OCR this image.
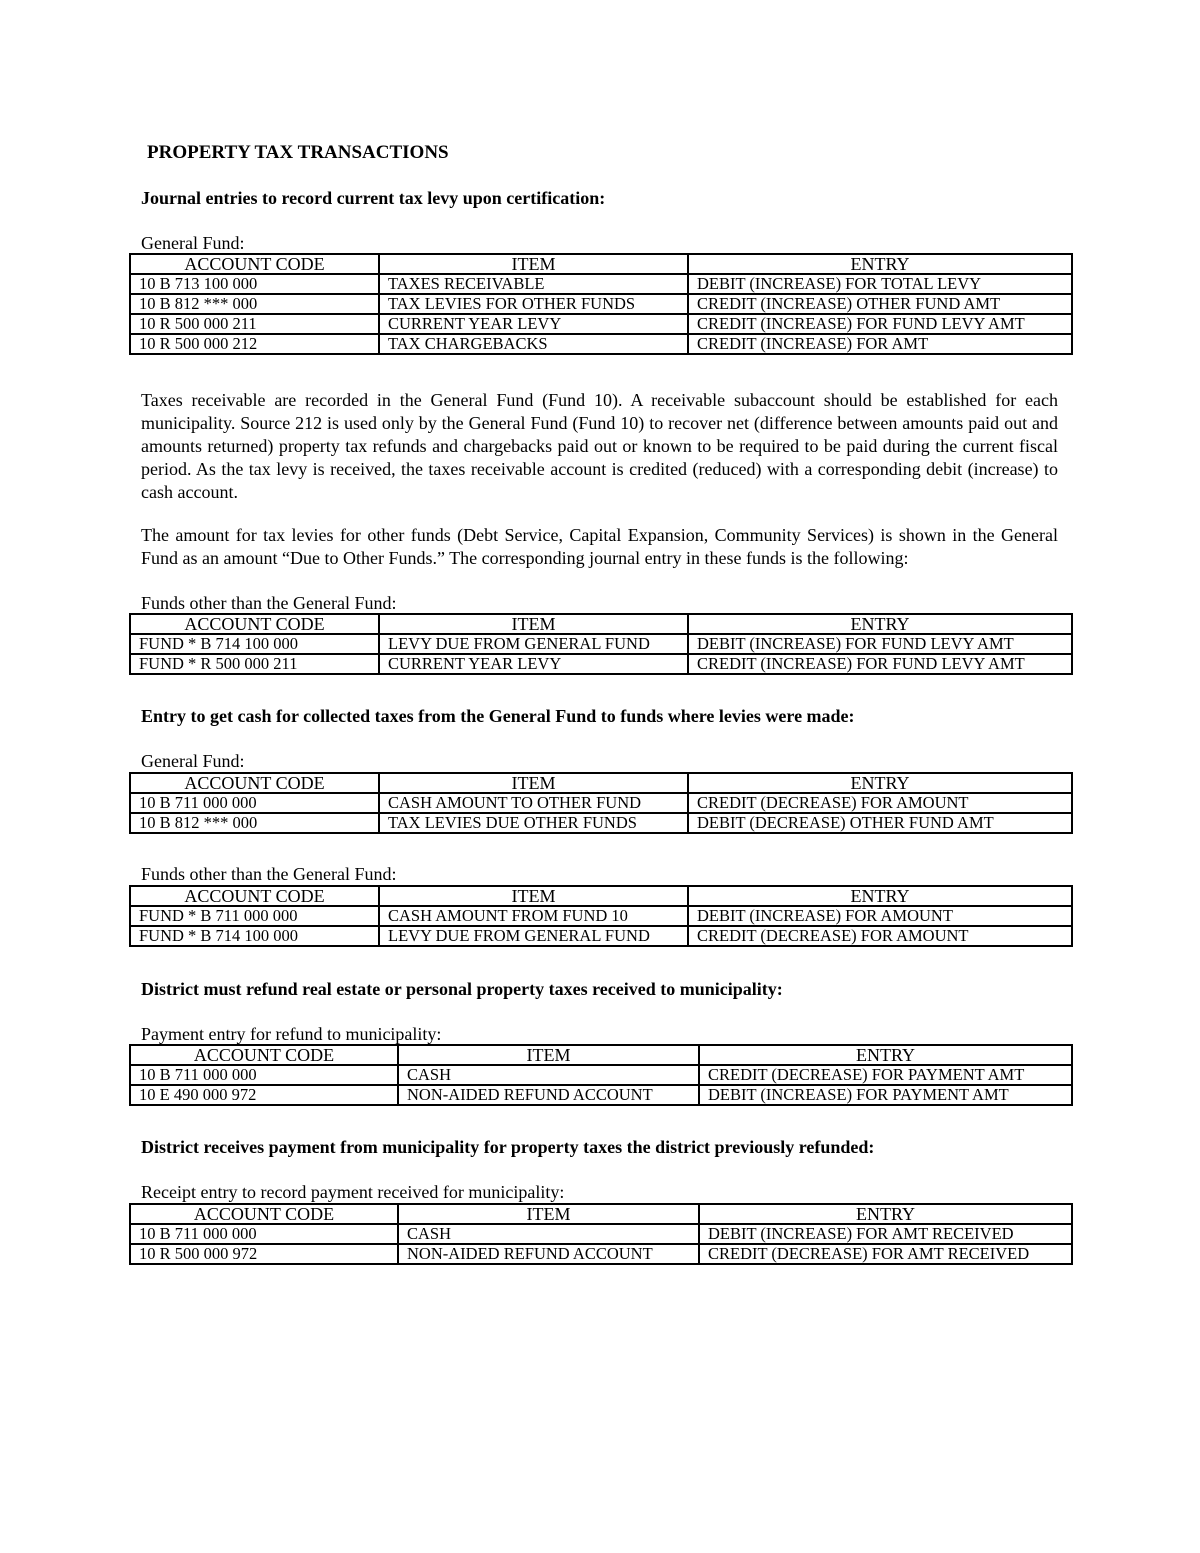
PROPERTY TAX TRANSACTIONS
Journal entries to record current tax levy upon certification:
General Fund:
ACCOUNT CODE	ITEM	ENTRY
10 B 713 100 000	TAXES RECEIVABLE	DEBIT (INCREASE) FOR TOTAL LEVY
10 B 812 *** 000	TAX LEVIES FOR OTHER FUNDS	CREDIT (INCREASE) OTHER FUND AMT
10 R 500 000 211	CURRENT YEAR LEVY	CREDIT (INCREASE) FOR FUND LEVY AMT
10 R 500 000 212	TAX CHARGEBACKS	CREDIT (INCREASE) FOR AMT
Taxes receivable are recorded in the General Fund (Fund 10). A receivable subaccount should be established for each municipality. Source 212 is used only by the General Fund (Fund 10) to recover net (difference between amounts paid out and amounts returned) property tax refunds and chargebacks paid out or known to be required to be paid during the current fiscal period. As the tax levy is received, the taxes receivable account is credited (reduced) with a corresponding debit (increase) to cash account.
The amount for tax levies for other funds (Debt Service, Capital Expansion, Community Services) is shown in the General Fund as an amount “Due to Other Funds.” The corresponding journal entry in these funds is the following:
Funds other than the General Fund:
ACCOUNT CODE	ITEM	ENTRY
FUND * B 714 100 000	LEVY DUE FROM GENERAL FUND	DEBIT (INCREASE) FOR FUND LEVY AMT
FUND * R 500 000 211	CURRENT YEAR LEVY	CREDIT (INCREASE) FOR FUND LEVY AMT
Entry to get cash for collected taxes from the General Fund to funds where levies were made:
General Fund:
ACCOUNT CODE	ITEM	ENTRY
10 B 711 000 000	CASH AMOUNT TO OTHER FUND	CREDIT (DECREASE) FOR AMOUNT
10 B 812 *** 000	TAX LEVIES DUE OTHER FUNDS	DEBIT (DECREASE) OTHER FUND AMT
Funds other than the General Fund:
ACCOUNT CODE	ITEM	ENTRY
FUND * B 711 000 000	CASH AMOUNT FROM FUND 10	DEBIT (INCREASE) FOR AMOUNT
FUND * B 714 100 000	LEVY DUE FROM GENERAL FUND	CREDIT (DECREASE) FOR AMOUNT
District must refund real estate or personal property taxes received to municipality:
Payment entry for refund to municipality:
ACCOUNT CODE	ITEM	ENTRY
10 B 711 000 000	CASH	CREDIT (DECREASE) FOR PAYMENT AMT
10 E 490 000 972	NON-AIDED REFUND ACCOUNT	DEBIT (INCREASE) FOR PAYMENT AMT
District receives payment from municipality for property taxes the district previously refunded:
Receipt entry to record payment received for municipality:
ACCOUNT CODE	ITEM	ENTRY
10 B 711 000 000	CASH	DEBIT (INCREASE) FOR AMT RECEIVED
10 R 500 000 972	NON-AIDED REFUND ACCOUNT	CREDIT (DECREASE) FOR AMT RECEIVED
